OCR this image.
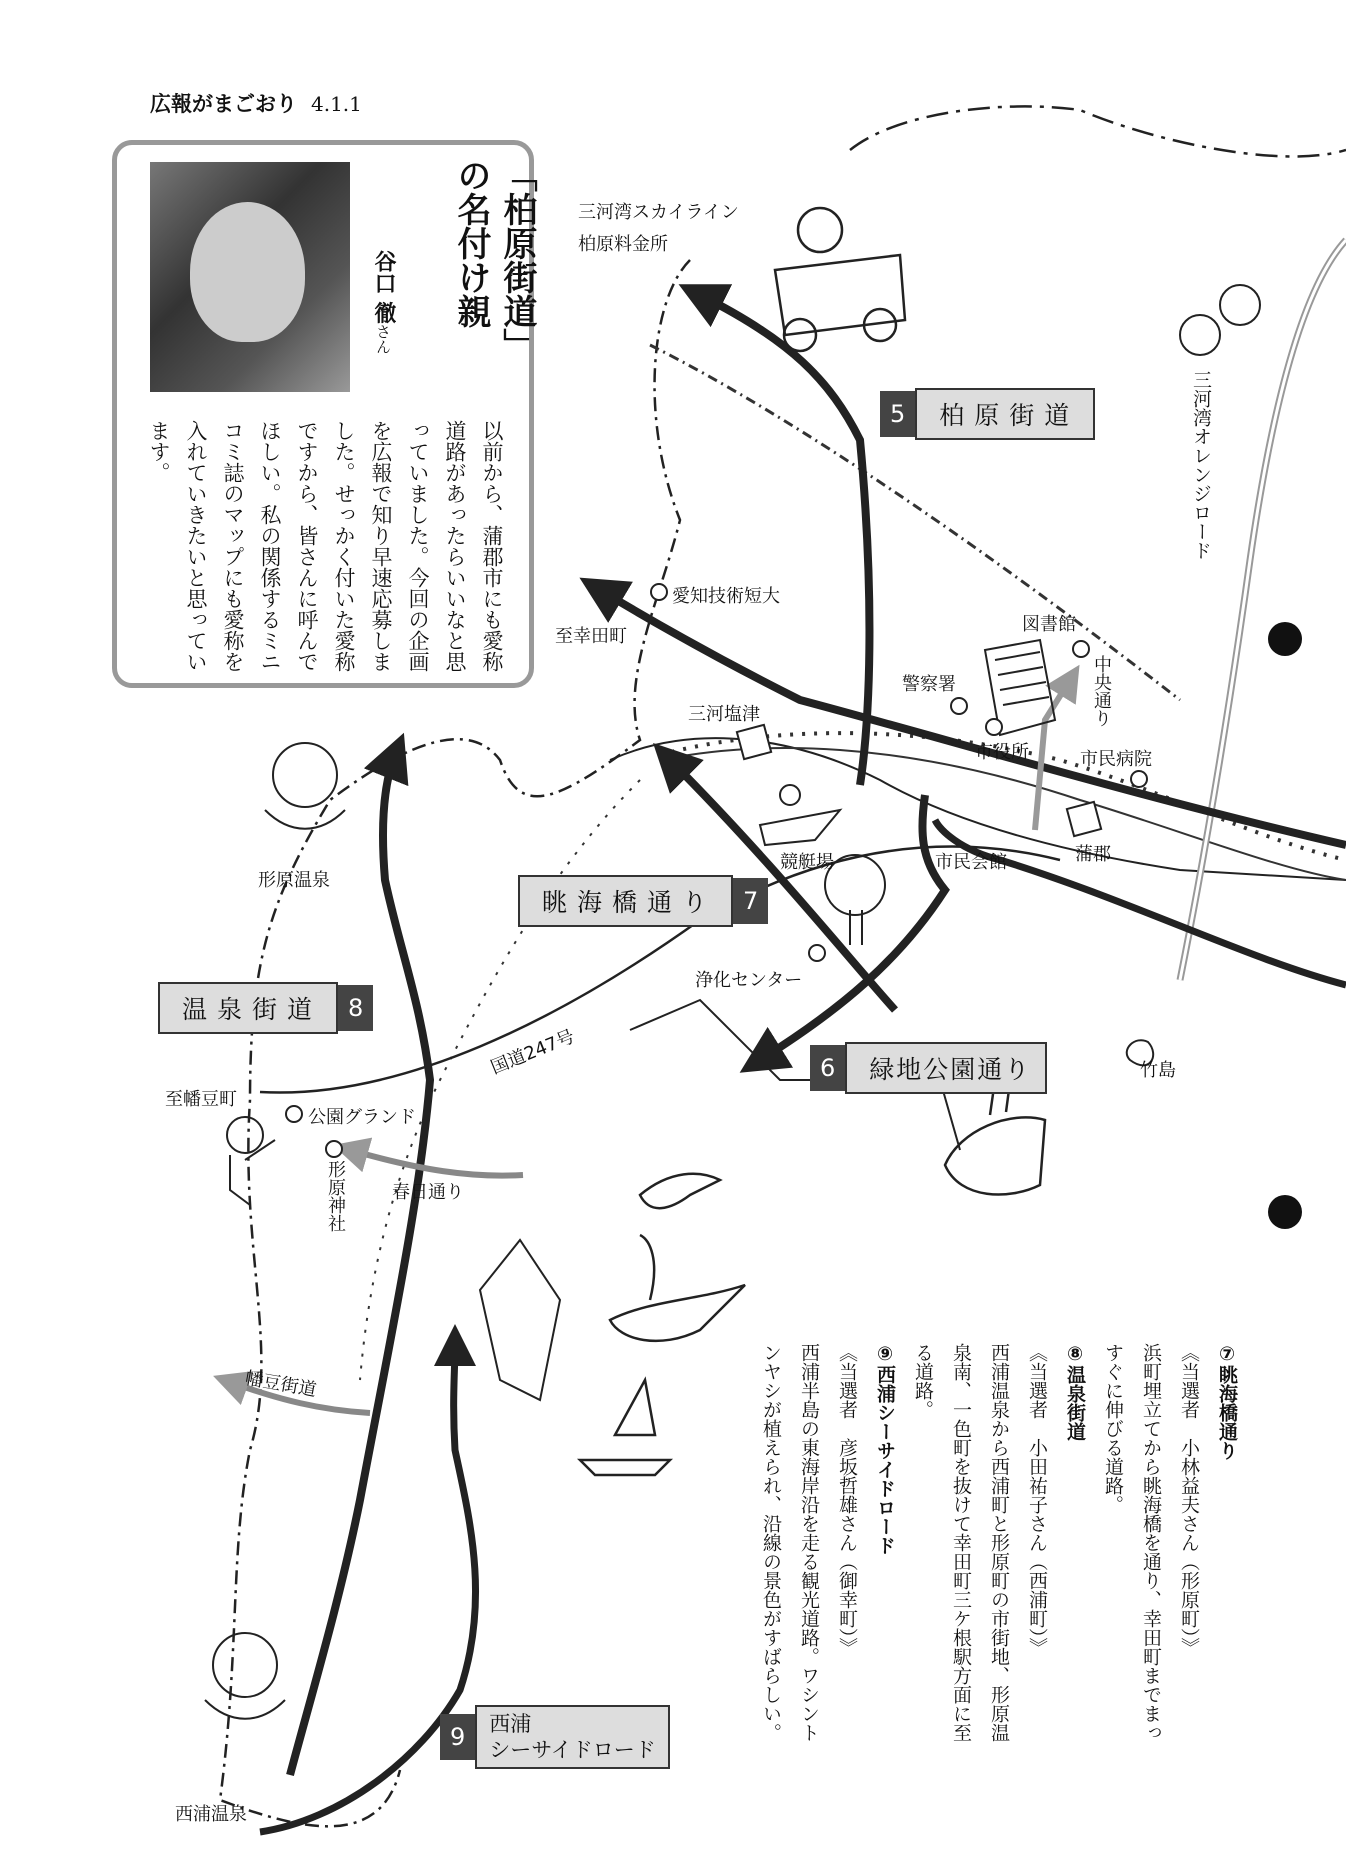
広報がまごおり 4.1.1
「柏原街道」の名付け親
谷口 徹さん
以前から、蒲郡市にも愛称道路があったらいいなと思っていました。今回の企画を広報で知り早速応募しました。せっかく付いた愛称ですから、皆さんに呼んでほしい。私の関係するミニコミ誌のマップにも愛称を入れていきたいと思っています。
5	柏原街道
6	緑地公園通り
眺海橋通り	7
温泉街道	8
9	西浦
シーサイドロード
三河湾スカイライン
柏原料金所
三河湾オレンジロード
愛知技術短大
至幸田町
図書館
警察署	中央通り
市役所	市民病院
三河塩津
競艇場	市民会館	蒲郡
形原温泉
浄化センター
国道247号	竹島
至幡豆町
公園グランド
形原神社	春日通り
幡豆街道
西浦温泉
⑦眺海橋通り
《当選者　小林益夫さん（形原町）》
浜町埋立てから眺海橋を通り、幸田町までまっすぐに伸びる道路。
⑧温泉街道
《当選者　小田祐子さん（西浦町）》
西浦温泉から西浦町と形原町の市街地、形原温泉南、一色町を抜けて幸田町三ケ根駅方面に至る道路。
⑨西浦シーサイドロード
《当選者　彦坂哲雄さん（御幸町）》
西浦半島の東海岸沿を走る観光道路。ワシントンヤシが植えられ、沿線の景色がすばらしい。
